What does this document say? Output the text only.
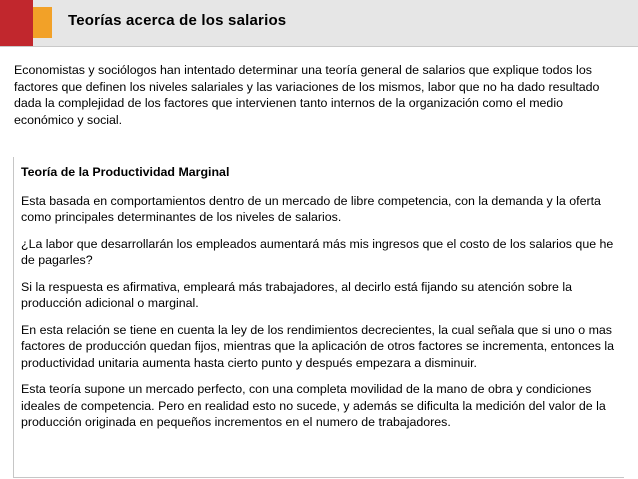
Teorías acerca de los salarios

Economistas y sociólogos han intentado determinar una teoría general de salarios que explique todos los factores que definen los niveles salariales y las variaciones de los mismos, labor que no ha dado resultado dada la complejidad de los factores que intervienen tanto internos de la organización como el medio económico y social.

Teoría de la Productividad Marginal

Esta basada en comportamientos dentro de un mercado de libre competencia, con la demanda y la oferta como principales determinantes de los niveles de salarios.

¿La labor que desarrollarán los empleados aumentará más mis ingresos que el costo de los salarios que he de pagarles?

Si la respuesta es afirmativa, empleará más trabajadores, al decirlo está fijando su atención sobre la producción adicional o marginal.

En esta relación se tiene en cuenta la ley de los rendimientos decrecientes, la cual señala que si uno o mas factores de producción quedan fijos, mientras que la aplicación de otros factores se incrementa, entonces la productividad unitaria aumenta hasta cierto punto y después empezara a disminuir.

Esta teoría supone un mercado perfecto, con una completa movilidad de la mano de obra y condiciones ideales de competencia. Pero en realidad esto no sucede, y además se dificulta la medición del valor de la producción originada en pequeños incrementos en el numero de trabajadores.
